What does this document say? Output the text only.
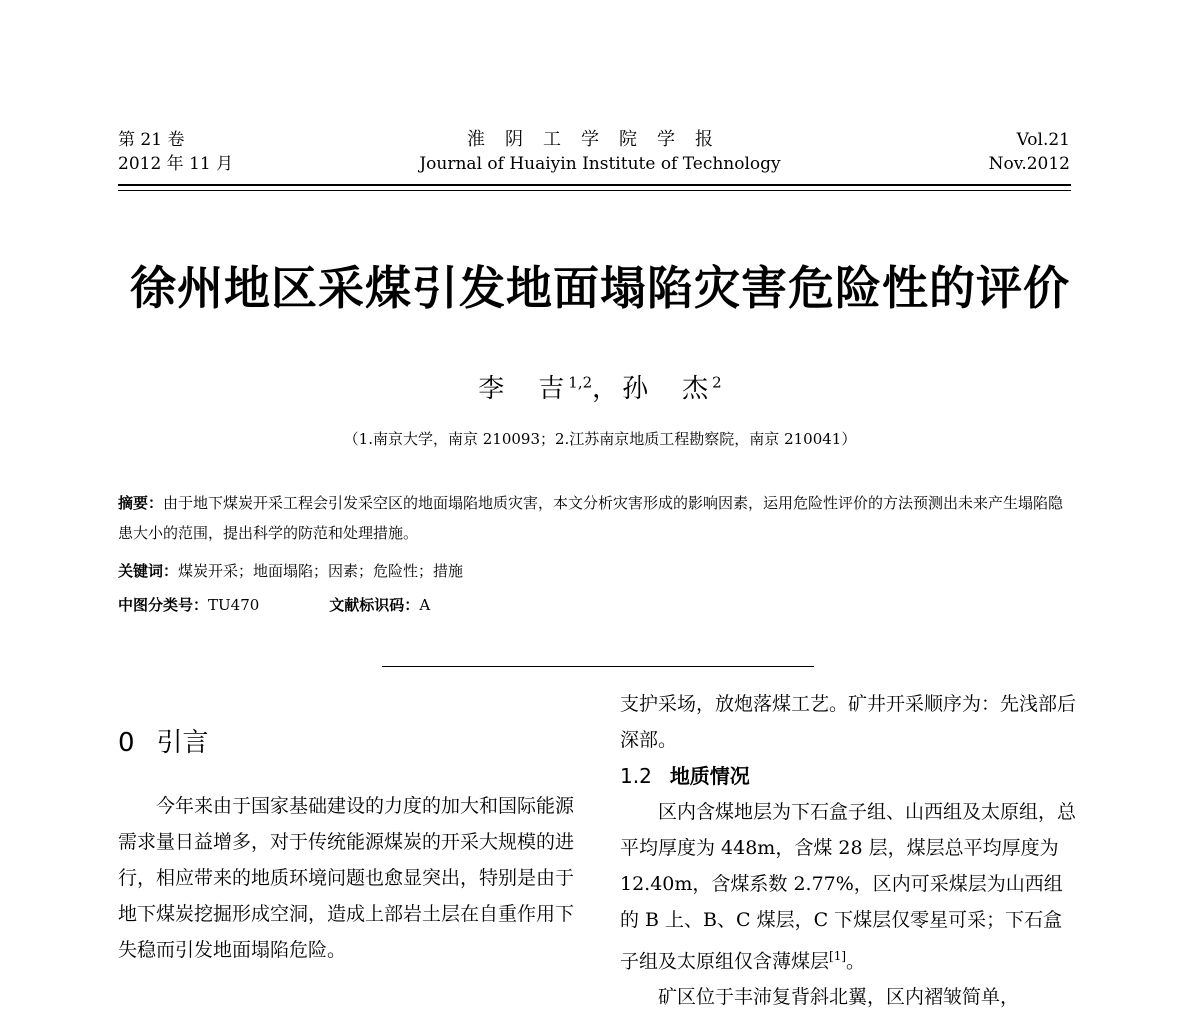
第 21 卷
2012 年 11 月
淮阴工学院学报
Journal of Huaiyin Institute of Technology
Vol.21
Nov.2012
徐州地区采煤引发地面塌陷灾害危险性的评价
李　吉$^{1,2}$，孙　杰$^2$
（1.南京大学，南京 210093；2.江苏南京地质工程勘察院，南京 210041）
摘要：由于地下煤炭开采工程会引发采空区的地面塌陷地质灾害，本文分析灾害形成的影响因素，运用危险性评价的方法预测出未来产生塌陷隐患大小的范围，提出科学的防范和处理措施。
关键词：煤炭开采；地面塌陷；因素；危险性；措施
中图分类号：TU470	文献标识码：A
0 引言

今年来由于国家基础建设的力度的加大和国际能源需求量日益增多，对于传统能源煤炭的开采大规模的进行，相应带来的地质环境问题也愈显突出，特别是由于地下煤炭挖掘形成空洞，造成上部岩土层在自重作用下失稳而引发地面塌陷危险。

支护采场，放炮落煤工艺。矿井开采顺序为：先浅部后深部。

1.2 地质情况

区内含煤地层为下石盒子组、山西组及太原组，总平均厚度为 448m，含煤 28 层，煤层总平均厚度为 12.40m，含煤系数 2.77%，区内可采煤层为山西组的 B 上、B、C 煤层，C 下煤层仅零星可采；下石盒子组及太原组仅含薄煤层[1]。

矿区位于丰沛复背斜北翼，区内褶皱简单，
